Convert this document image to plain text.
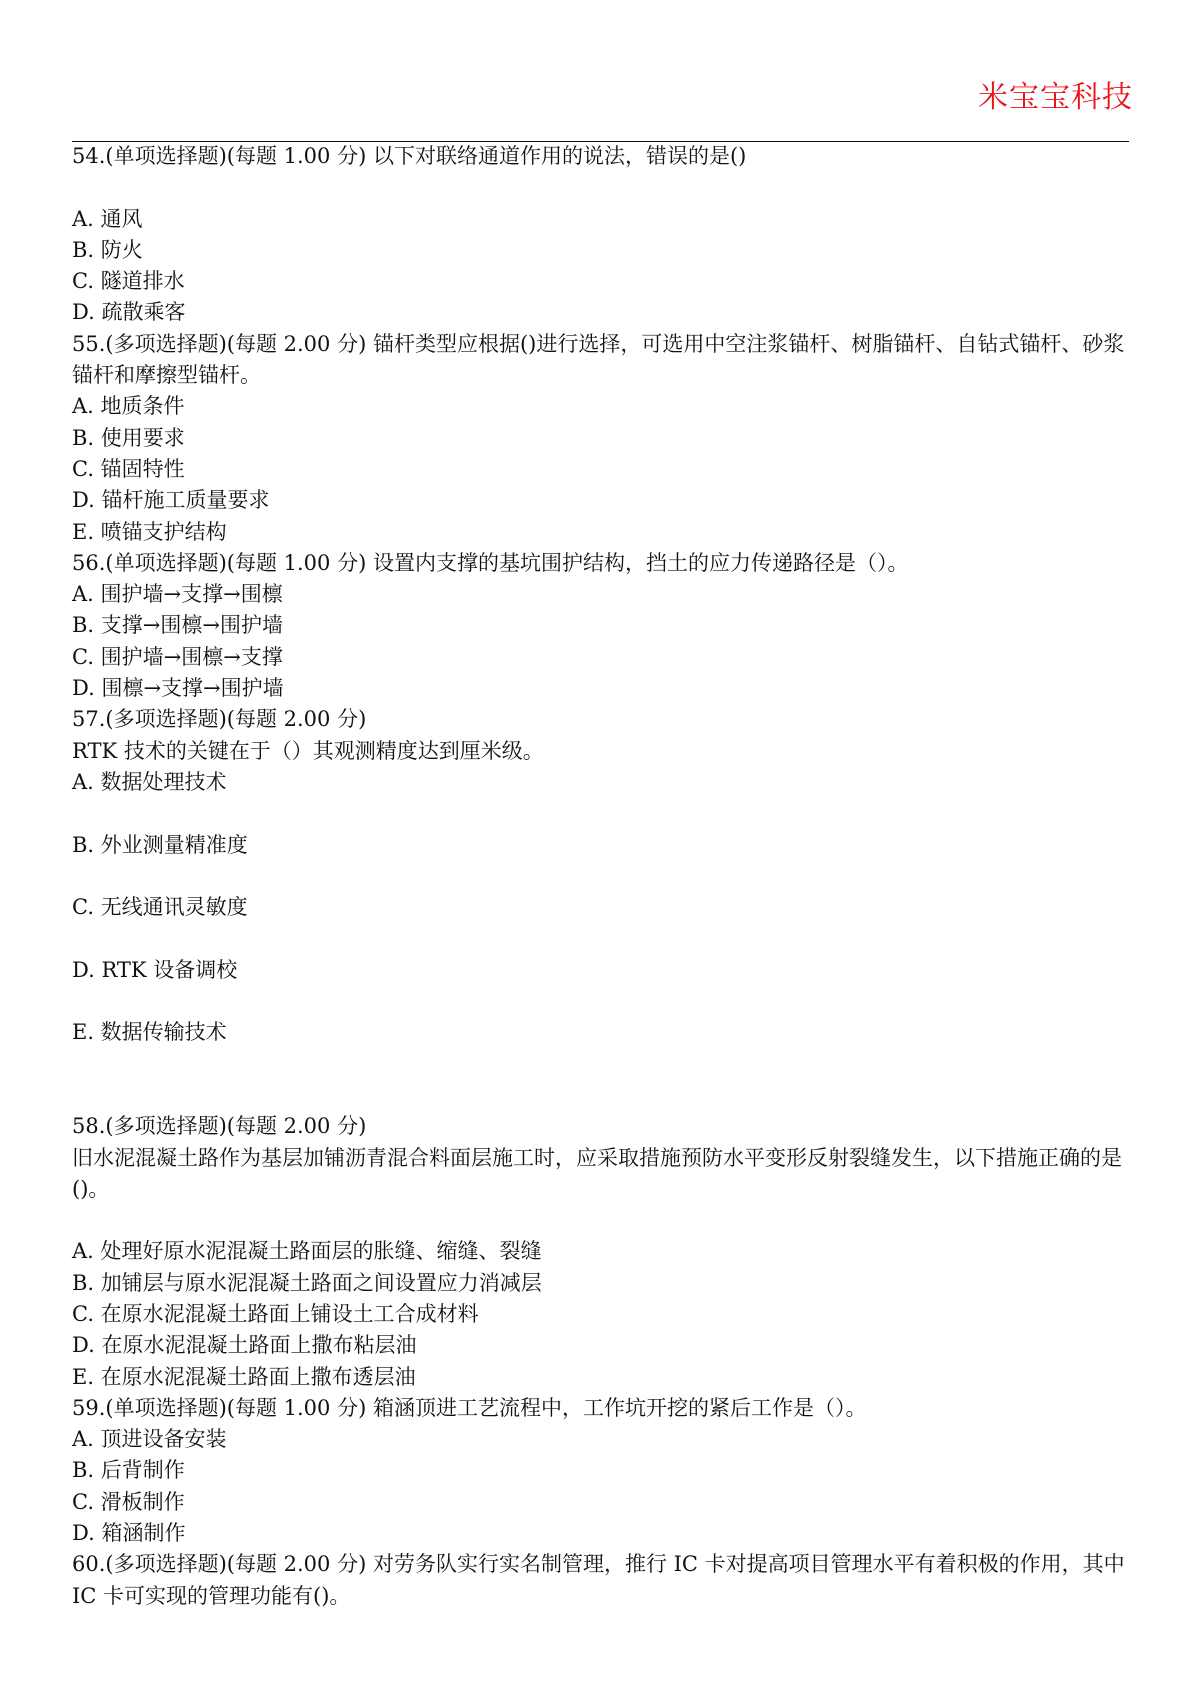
米宝宝科技

54.(单项选择题)(每题 1.00 分) 以下对联络通道作用的说法，错误的是()

A. 通风

B. 防火

C. 隧道排水

D. 疏散乘客

55.(多项选择题)(每题 2.00 分) 锚杆类型应根据()进行选择，可选用中空注浆锚杆、树脂锚杆、自钻式锚杆、砂浆锚杆和摩擦型锚杆。

A. 地质条件

B. 使用要求

C. 锚固特性

D. 锚杆施工质量要求

E. 喷锚支护结构

56.(单项选择题)(每题 1.00 分) 设置内支撑的基坑围护结构，挡土的应力传递路径是（）。

A. 围护墙→支撑→围檩

B. 支撑→围檩→围护墙

C. 围护墙→围檩→支撑

D. 围檩→支撑→围护墙

57.(多项选择题)(每题 2.00 分)

RTK 技术的关键在于（）其观测精度达到厘米级。

A. 数据处理技术

B. 外业测量精准度

C. 无线通讯灵敏度

D. RTK 设备调校

E. 数据传输技术

58.(多项选择题)(每题 2.00 分)

旧水泥混凝土路作为基层加铺沥青混合料面层施工时，应采取措施预防水平变形反射裂缝发生，以下措施正确的是()。

A. 处理好原水泥混凝土路面层的胀缝、缩缝、裂缝

B. 加铺层与原水泥混凝土路面之间设置应力消减层

C. 在原水泥混凝土路面上铺设土工合成材料

D. 在原水泥混凝土路面上撒布粘层油

E. 在原水泥混凝土路面上撒布透层油

59.(单项选择题)(每题 1.00 分) 箱涵顶进工艺流程中，工作坑开挖的紧后工作是（）。

A. 顶进设备安装

B. 后背制作

C. 滑板制作

D. 箱涵制作

60.(多项选择题)(每题 2.00 分) 对劳务队实行实名制管理，推行 IC 卡对提高项目管理水平有着积极的作用，其中 IC 卡可实现的管理功能有()。
